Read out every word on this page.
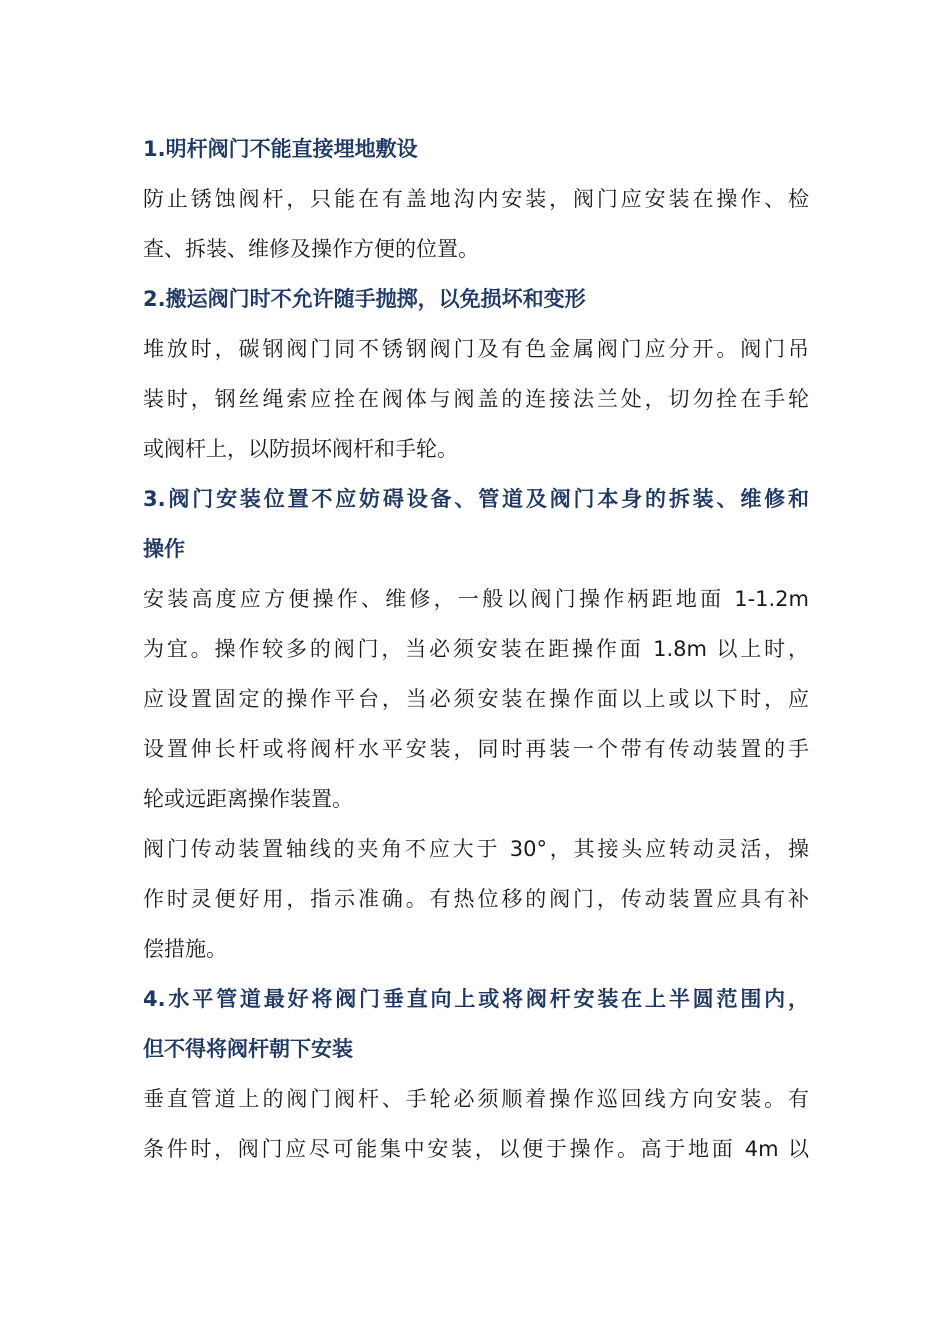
1.明杆阀门不能直接埋地敷设
防止锈蚀阀杆，只能在有盖地沟内安装，阀门应安装在操作、检
查、拆装、维修及操作方便的位置。
2.搬运阀门时不允许随手抛掷，以免损坏和变形
堆放时，碳钢阀门同不锈钢阀门及有色金属阀门应分开。阀门吊
装时，钢丝绳索应拴在阀体与阀盖的连接法兰处，切勿拴在手轮
或阀杆上，以防损坏阀杆和手轮。
3.阀门安装位置不应妨碍设备、管道及阀门本身的拆装、维修和
操作
安装高度应方便操作、维修，一般以阀门操作柄距地面 1-1.2m
为宜。操作较多的阀门，当必须安装在距操作面 1.8m 以上时，
应设置固定的操作平台，当必须安装在操作面以上或以下时，应
设置伸长杆或将阀杆水平安装，同时再装一个带有传动装置的手
轮或远距离操作装置。
阀门传动装置轴线的夹角不应大于 30°，其接头应转动灵活，操
作时灵便好用，指示准确。有热位移的阀门，传动装置应具有补
偿措施。
4.水平管道最好将阀门垂直向上或将阀杆安装在上半圆范围内，
但不得将阀杆朝下安装
垂直管道上的阀门阀杆、手轮必须顺着操作巡回线方向安装。有
条件时，阀门应尽可能集中安装，以便于操作。高于地面 4m 以
